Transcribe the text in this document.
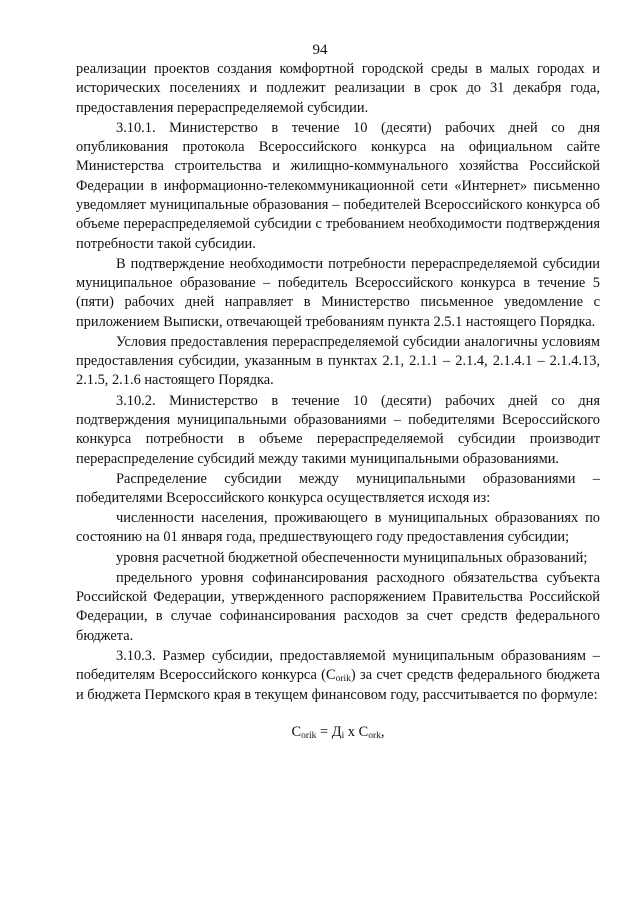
94

реализации проектов создания комфортной городской среды в малых городах и исторических поселениях и подлежит реализации в срок до 31 декабря года, предоставления перераспределяемой субсидии.

3.10.1. Министерство в течение 10 (десяти) рабочих дней со дня опубликования протокола Всероссийского конкурса на официальном сайте Министерства строительства и жилищно-коммунального хозяйства Российской Федерации в информационно-телекоммуникационной сети «Интернет» письменно уведомляет муниципальные образования – победителей Всероссийского конкурса об объеме перераспределяемой субсидии с требованием необходимости подтверждения потребности такой субсидии.

В подтверждение необходимости потребности перераспределяемой субсидии муниципальное образование – победитель Всероссийского конкурса в течение 5 (пяти) рабочих дней направляет в Министерство письменное уведомление с приложением Выписки, отвечающей требованиям пункта 2.5.1 настоящего Порядка.

Условия предоставления перераспределяемой субсидии аналогичны условиям предоставления субсидии, указанным в пунктах 2.1, 2.1.1 – 2.1.4, 2.1.4.1 – 2.1.4.13, 2.1.5, 2.1.6 настоящего Порядка.

3.10.2. Министерство в течение 10 (десяти) рабочих дней со дня подтверждения муниципальными образованиями – победителями Всероссийского конкурса потребности в объеме перераспределяемой субсидии производит перераспределение субсидий между такими муниципальными образованиями.

Распределение субсидии между муниципальными образованиями – победителями Всероссийского конкурса осуществляется исходя из:

численности населения, проживающего в муниципальных образованиях по состоянию на 01 января года, предшествующего году предоставления субсидии;

уровня расчетной бюджетной обеспеченности муниципальных образований;

предельного уровня софинансирования расходного обязательства субъекта Российской Федерации, утвержденного распоряжением Правительства Российской Федерации, в случае софинансирования расходов за счет средств федерального бюджета.

3.10.3. Размер субсидии, предоставляемой муниципальным образованиям – победителям Всероссийского конкурса $(C_{orik})$ за счет средств федерального бюджета и бюджета Пермского края в текущем финансовом году, рассчитывается по формуле:

$C_{orik} = Д_i$ x $C_{ork}$,
